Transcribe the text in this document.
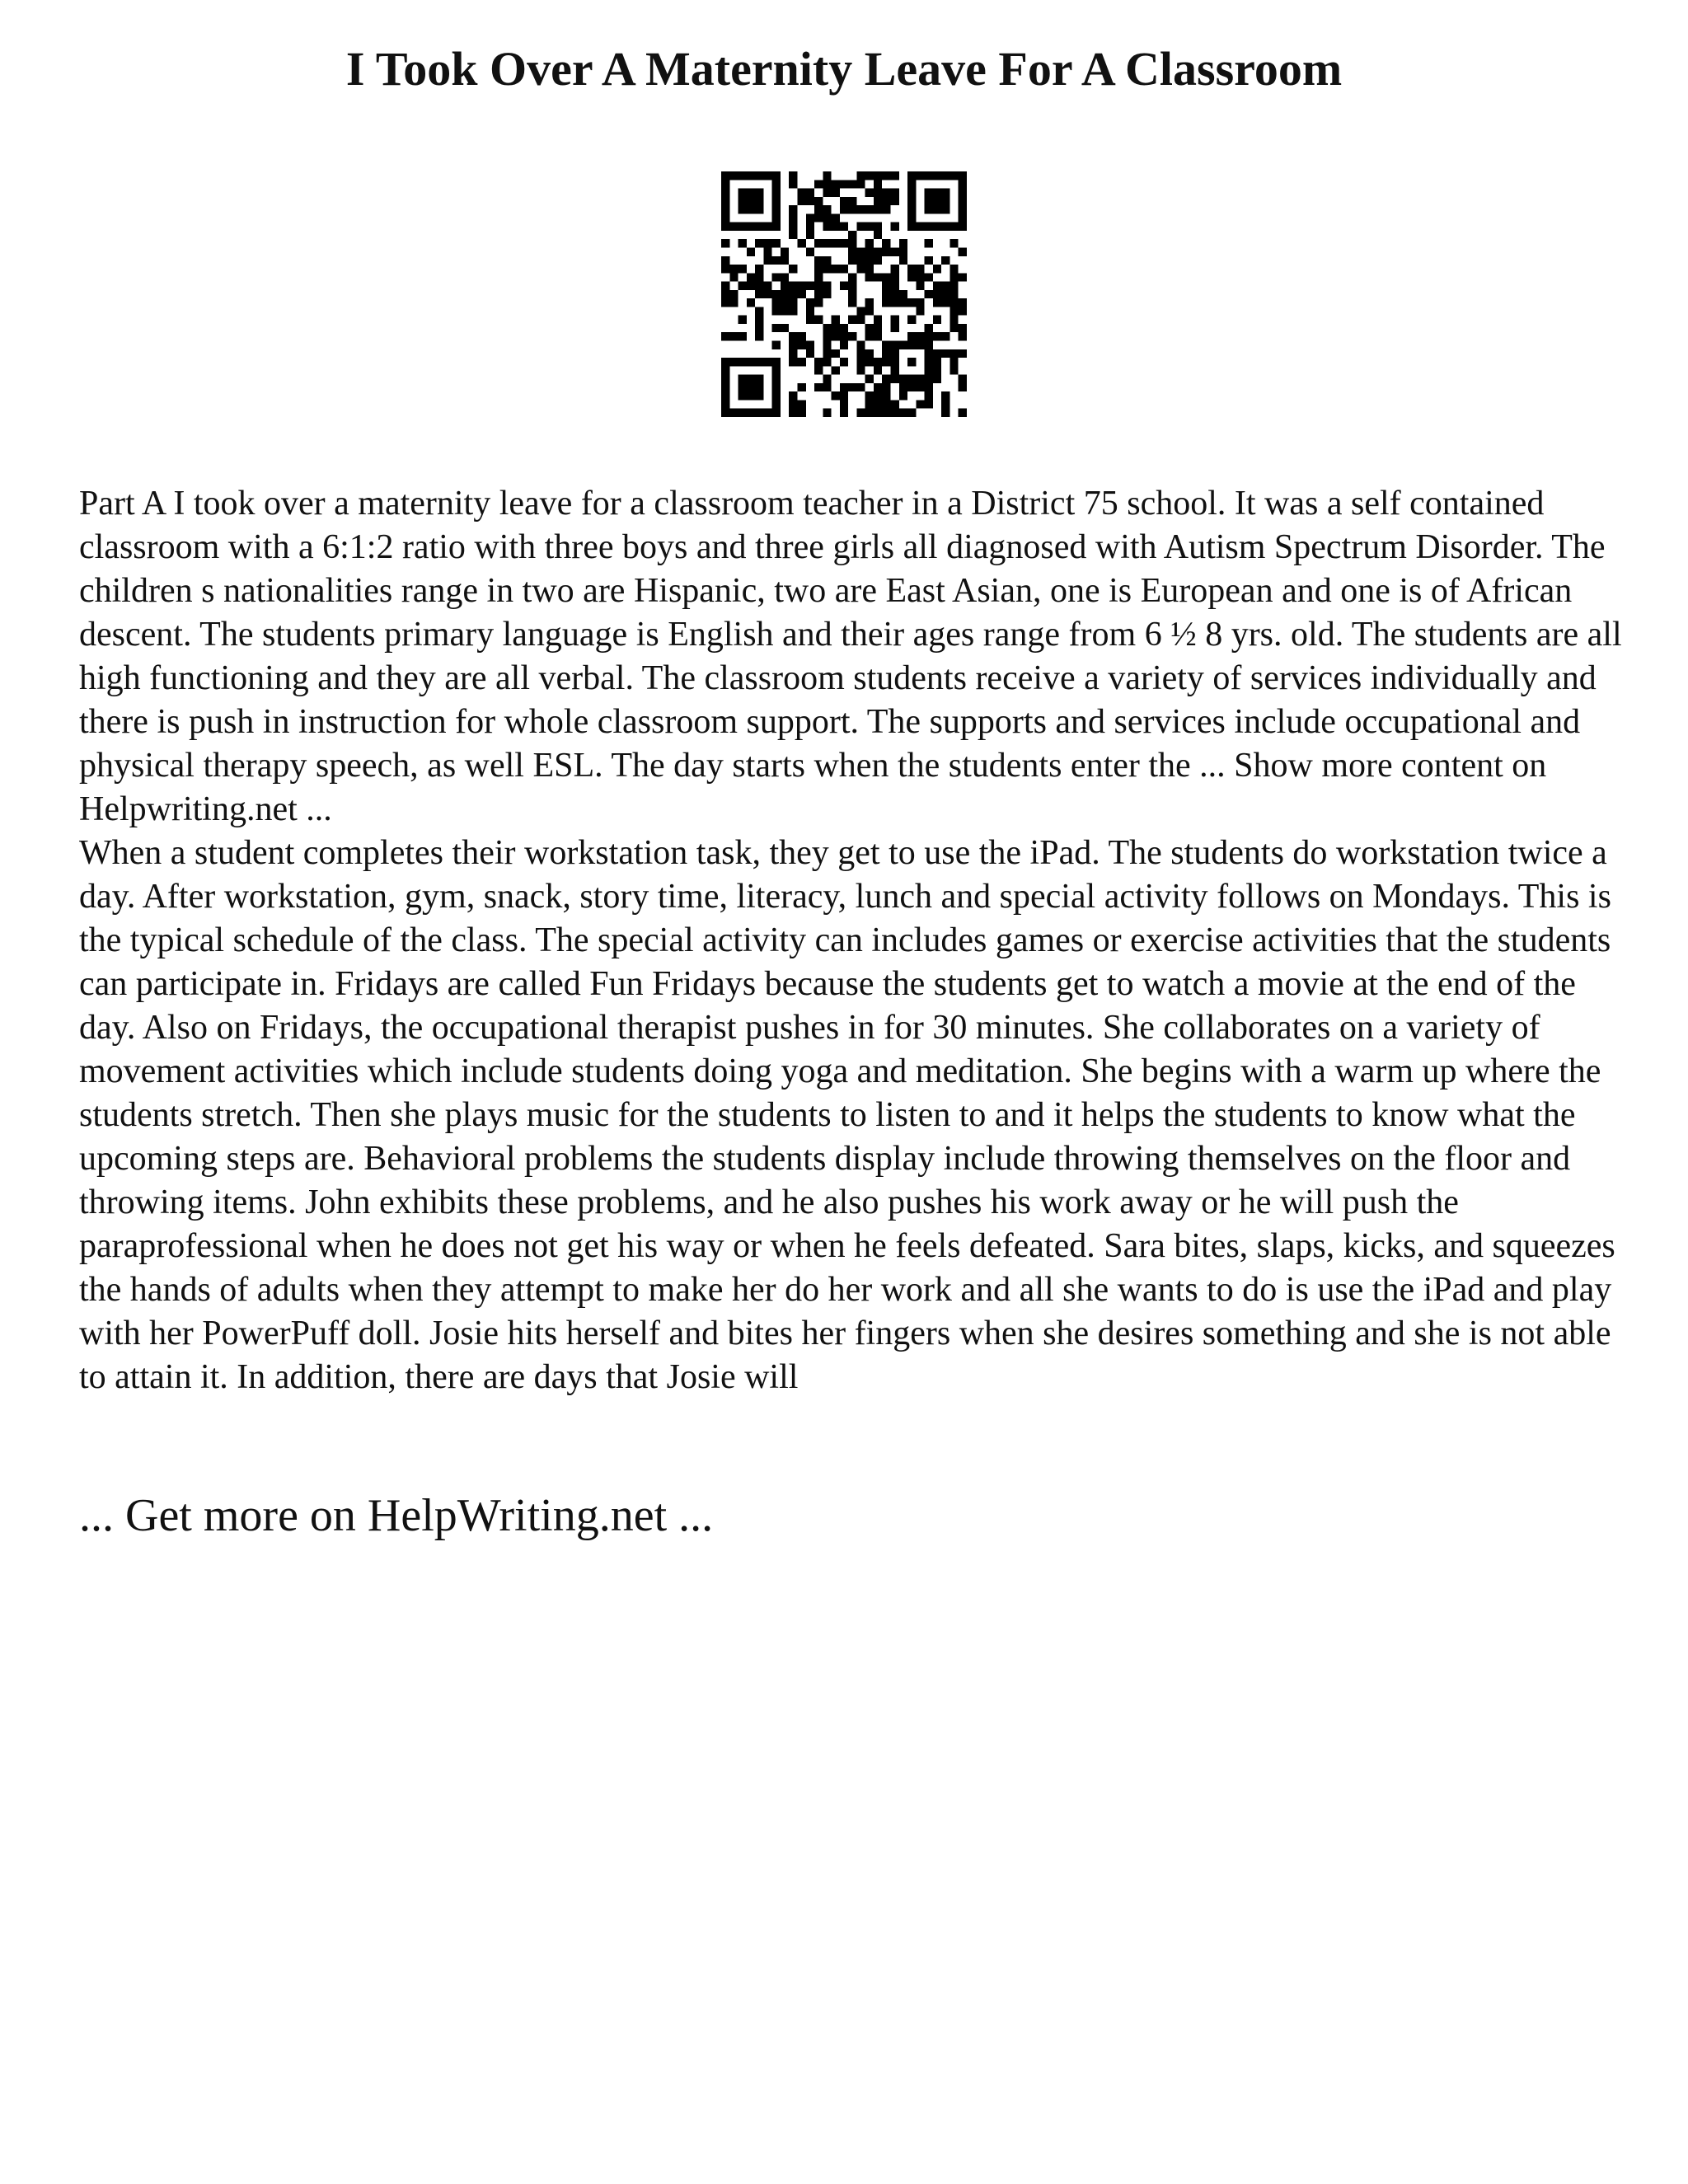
I Took Over A Maternity Leave For A Classroom

Part A I took over a maternity leave for a classroom teacher in a District 75 school. It was a self contained classroom with a 6:1:2 ratio with three boys and three girls all diagnosed with Autism Spectrum Disorder. The children s nationalities range in two are Hispanic, two are East Asian, one is European and one is of African descent. The students primary language is English and their ages range from 6 ½ 8 yrs. old. The students are all high functioning and they are all verbal. The classroom students receive a variety of services individually and there is push in instruction for whole classroom support. The supports and services include occupational and physical therapy speech, as well ESL. The day starts when the students enter the ... Show more content on Helpwriting.net ...

When a student completes their workstation task, they get to use the iPad. The students do workstation twice a day. After workstation, gym, snack, story time, literacy, lunch and special activity follows on Mondays. This is the typical schedule of the class. The special activity can includes games or exercise activities that the students can participate in. Fridays are called Fun Fridays because the students get to watch a movie at the end of the day. Also on Fridays, the occupational therapist pushes in for 30 minutes. She collaborates on a variety of movement activities which include students doing yoga and meditation. She begins with a warm up where the students stretch. Then she plays music for the students to listen to and it helps the students to know what the upcoming steps are. Behavioral problems the students display include throwing themselves on the floor and throwing items. John exhibits these problems, and he also pushes his work away or he will push the paraprofessional when he does not get his way or when he feels defeated. Sara bites, slaps, kicks, and squeezes the hands of adults when they attempt to make her do her work and all she wants to do is use the iPad and play with her PowerPuff doll. Josie hits herself and bites her fingers when she desires something and she is not able to attain it. In addition, there are days that Josie will

... Get more on HelpWriting.net ...
